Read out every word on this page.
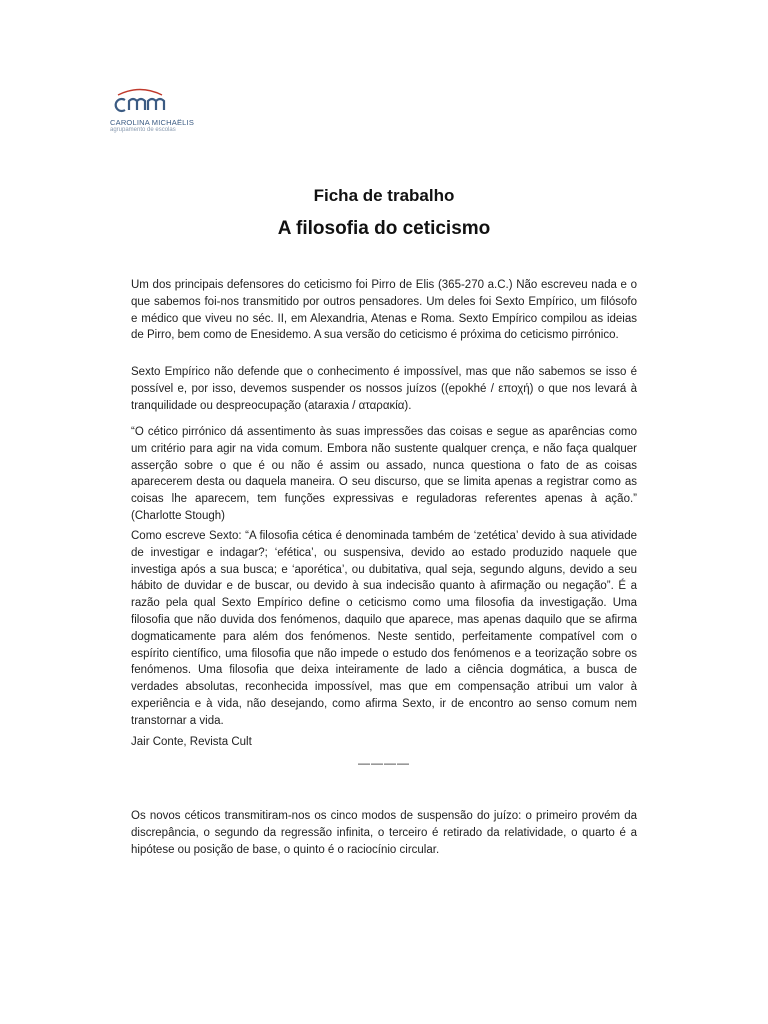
CAROLINA MICHAËLIS
agrupamento de escolas
Ficha de trabalho
A filosofia do ceticismo

Um dos principais defensores do ceticismo foi Pirro de Elis (365-270 a.C.) Não escreveu nada e o que sabemos foi-nos transmitido por outros pensadores. Um deles foi Sexto Empírico, um filósofo e médico que viveu no séc. II, em Alexandria, Atenas e Roma. Sexto Empírico compilou as ideias de Pirro, bem como de Enesidemo. A sua versão do ceticismo é próxima do ceticismo pirrónico.

Sexto Empírico não defende que o conhecimento é impossível, mas que não sabemos se isso é possível e, por isso, devemos suspender os nossos juízos ((epokhé / εποχή) o que nos levará à tranquilidade ou despreocupação (ataraxia / αταρακία).

“O cético pirrónico dá assentimento às suas impressões das coisas e segue as aparências como um critério para agir na vida comum. Embora não sustente qualquer crença, e não faça qualquer asserção sobre o que é ou não é assim ou assado, nunca questiona o fato de as coisas aparecerem desta ou daquela maneira. O seu discurso, que se limita apenas a registrar como as coisas lhe aparecem, tem funções expressivas e reguladoras referentes apenas à ação.” (Charlotte Stough)

Como escreve Sexto: “A filosofia cética é denominada também de ‘zetética’ devido à sua atividade de investigar e indagar?; ‘efética’, ou suspensiva, devido ao estado produzido naquele que investiga após a sua busca; e ‘aporética’, ou dubitativa, qual seja, segundo alguns, devido a seu hábito de duvidar e de buscar, ou devido à sua indecisão quanto à afirmação ou negação”. É a razão pela qual Sexto Empírico define o ceticismo como uma filosofia da investigação. Uma filosofia que não duvida dos fenómenos, daquilo que aparece, mas apenas daquilo que se afirma dogmaticamente para além dos fenómenos. Neste sentido, perfeitamente compatível com o espírito científico, uma filosofia que não impede o estudo dos fenómenos e a teorização sobre os fenómenos. Uma filosofia que deixa inteiramente de lado a ciência dogmática, a busca de verdades absolutas, reconhecida impossível, mas que em compensação atribui um valor à experiência e à vida, não desejando, como afirma Sexto, ir de encontro ao senso comum nem transtornar a vida.

Jair Conte, Revista Cult

————

Os novos céticos transmitiram-nos os cinco modos de suspensão do juízo: o primeiro provém da discrepância, o segundo da regressão infinita, o terceiro é retirado da relatividade, o quarto é a hipótese ou posição de base, o quinto é o raciocínio circular.
